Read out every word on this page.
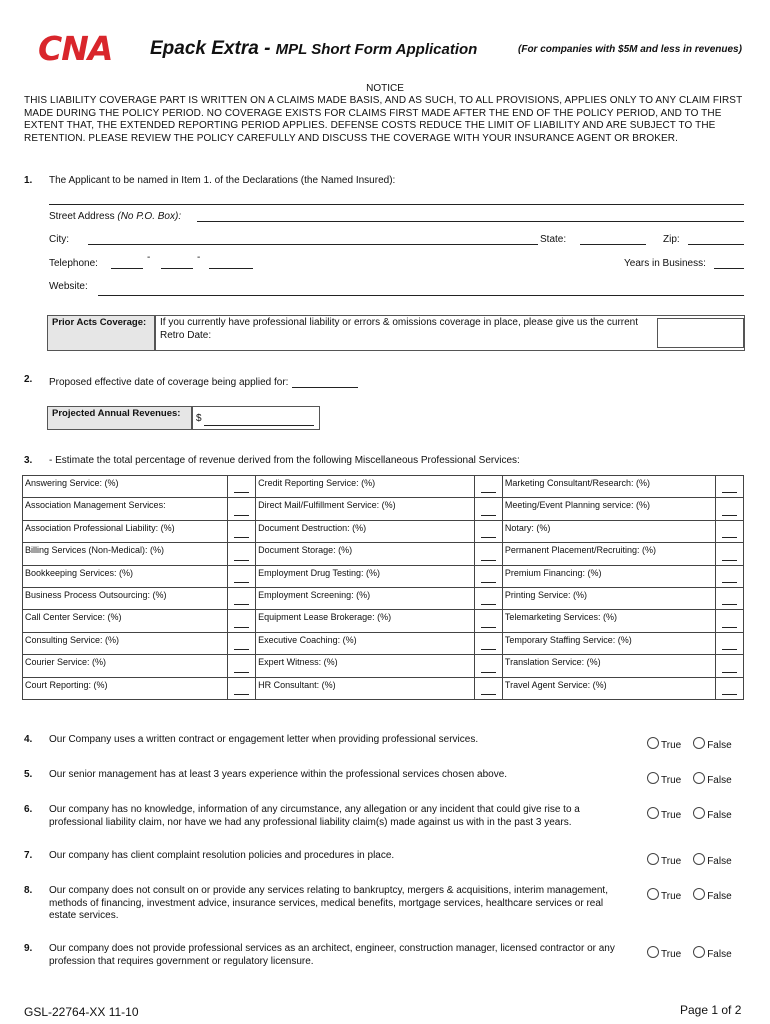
CNA Epack Extra - MPL Short Form Application	(For companies with $5M and less in revenues)
NOTICE
THIS LIABILITY COVERAGE PART IS WRITTEN ON A CLAIMS MADE BASIS, AND AS SUCH, TO ALL PROVISIONS, APPLIES ONLY TO ANY CLAIM FIRST MADE DURING THE POLICY PERIOD. NO COVERAGE EXISTS FOR CLAIMS FIRST MADE AFTER THE END OF THE POLICY PERIOD, AND TO THE EXTENT THAT, THE EXTENDED REPORTING PERIOD APPLIES. DEFENSE COSTS REDUCE THE LIMIT OF LIABILITY AND ARE SUBJECT TO THE RETENTION. PLEASE REVIEW THE POLICY CAREFULLY AND DISCUSS THE COVERAGE WITH YOUR INSURANCE AGENT OR BROKER.
1. The Applicant to be named in Item 1. of the Declarations (the Named Insured):
Street Address (No P.O. Box):
City:	State:	Zip:
Telephone:
-	-
Years in Business:
Website:
Prior Acts Coverage: If you currently have professional liability or errors & omissions coverage in place, please give us the current Retro Date:
2. Proposed effective date of coverage being applied for:
Projected Annual Revenues: $
3. - Estimate the total percentage of revenue derived from the following Miscellaneous Professional Services:
Answering Service: (%)		Credit Reporting Service: (%)		Marketing Consultant/Research: (%)	

Association Management Services:		Direct Mail/Fulfillment Service: (%)		Meeting/Event Planning service: (%)	

Association Professional Liability: (%)		Document Destruction: (%)		Notary: (%)	

Billing Services (Non-Medical): (%)		Document Storage: (%)		Permanent Placement/Recruiting: (%)	

Bookkeeping Services: (%)		Employment Drug Testing: (%)		Premium Financing: (%)	

Business Process Outsourcing: (%)		Employment Screening: (%)		Printing Service: (%)	

Call Center Service: (%)		Equipment Lease Brokerage: (%)		Telemarketing Services: (%)	

Consulting Service: (%)		Executive Coaching: (%)		Temporary Staffing Service: (%)	

Courier Service: (%)		Expert Witness: (%)		Translation Service: (%)	

Court Reporting: (%)		HR Consultant: (%)		Travel Agent Service: (%)	
4. Our Company uses a written contract or engagement letter when providing professional services.
True	False
5. Our senior management has at least 3 years experience within the professional services chosen above.
True	False
6. Our company has no knowledge, information of any circumstance, any allegation or any incident that could give rise to a professional liability claim, nor have we had any professional liability claim(s) made against us with in the past 3 years.
True	False
7. Our company has client complaint resolution policies and procedures in place.
True	False
8. Our company does not consult on or provide any services relating to bankruptcy, mergers & acquisitions, interim management, methods of financing, investment advice, insurance services, medical benefits, mortgage services, healthcare services or real estate services.
True	False
9. Our company does not provide professional services as an architect, engineer, construction manager, licensed contractor or any profession that requires government or regulatory licensure.
True	False
GSL-22764-XX 11-10	Page 1 of 2
